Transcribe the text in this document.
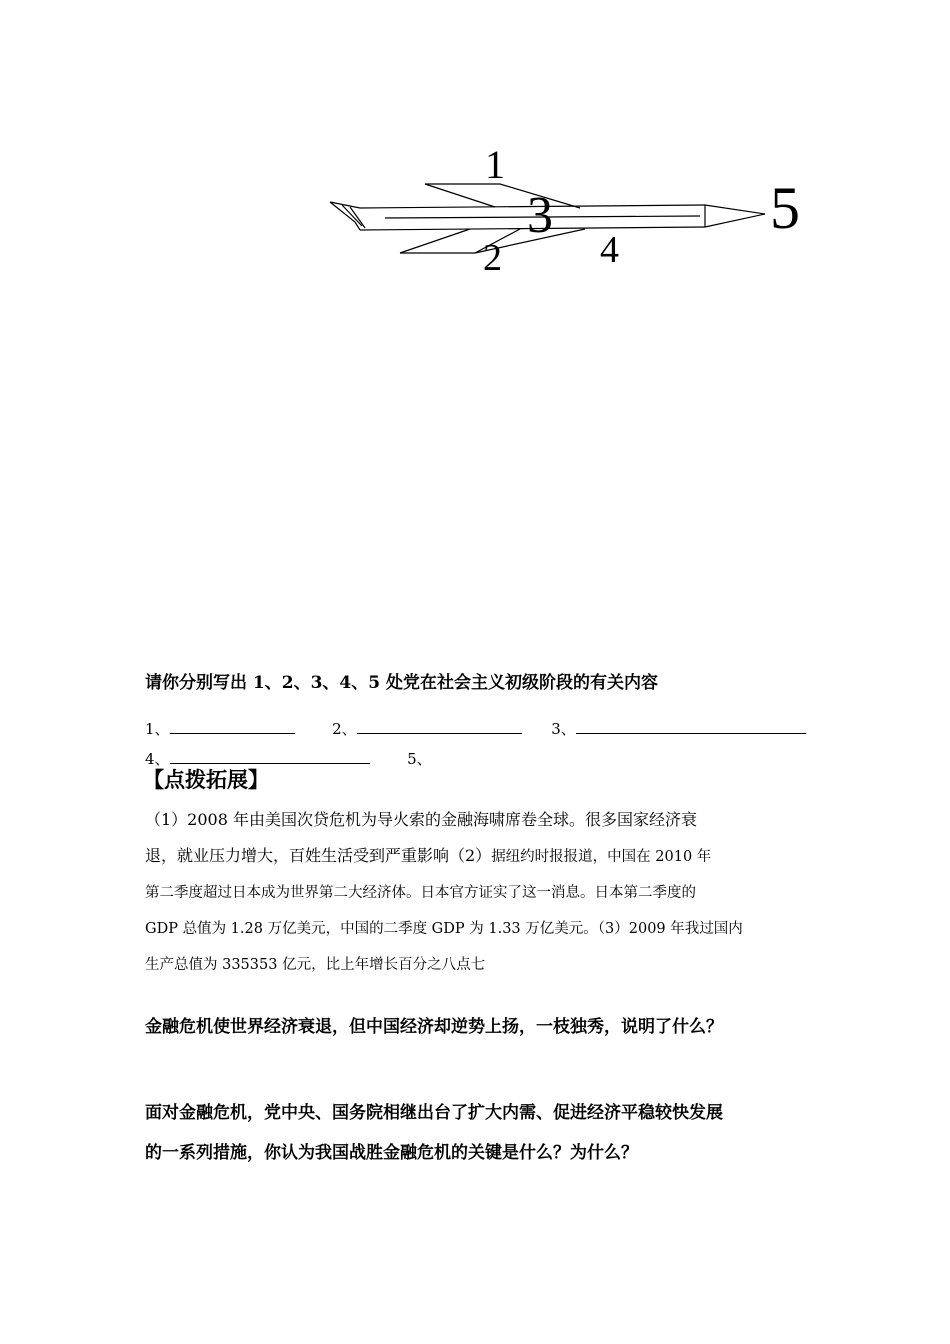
1
2
3
4
5
请你分别写出 1、2、3、4、5 处党在社会主义初级阶段的有关内容
1、	2、	3、
4、	5、
【点拨拓展】
（1）2008 年由美国次贷危机为导火索的金融海啸席卷全球。很多国家经济衰
退，就业压力增大，百姓生活受到严重影响（2）据纽约时报报道，中国在 2010 年
第二季度超过日本成为世界第二大经济体。日本官方证实了这一消息。日本第二季度的
GDP 总值为 1.28 万亿美元，中国的二季度 GDP 为 1.33 万亿美元。（3）2009 年我过国内
生产总值为 335353 亿元，比上年增长百分之八点七
金融危机使世界经济衰退，但中国经济却逆势上扬，一枝独秀，说明了什么？
面对金融危机，党中央、国务院相继出台了扩大内需、促进经济平稳较快发展
的一系列措施，你认为我国战胜金融危机的关键是什么？为什么？
